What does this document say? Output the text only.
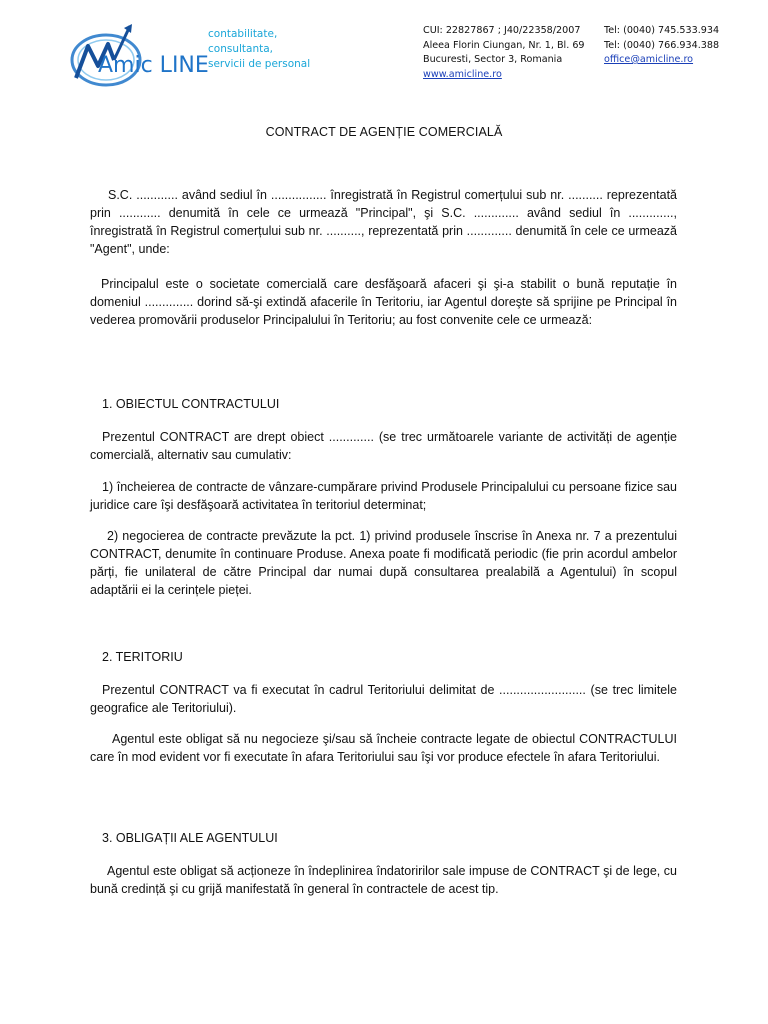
Amic LINE
contabilitate,
consultanta,
servicii de personal
CUI: 22827867 ; J40/22358/2007
Aleea Florin Ciungan, Nr. 1, Bl. 69
Bucuresti, Sector 3, Romania
www.amicline.ro
Tel: (0040) 745.533.934
Tel: (0040) 766.934.388
office@amicline.ro
CONTRACT DE AGENȚIE COMERCIALĂ
S.C. ............ având sediul în ................ înregistrată în Registrul comerțului sub nr. .......... reprezentată prin ............ denumită în cele ce urmează "Principal", şi S.C. ............. având sediul în ............., înregistrată în Registrul comerțului sub nr. .........., reprezentată prin ............. denumită în cele ce urmează "Agent", unde:
Principalul este o societate comercială care desfăşoară afaceri şi şi-a stabilit o bună reputație în domeniul .............. dorind să-şi extindă afacerile în Teritoriu, iar Agentul doreşte să sprijine pe Principal în vederea promovării produselor Principalului în Teritoriu; au fost convenite cele ce urmează:
1. OBIECTUL CONTRACTULUI
Prezentul CONTRACT are drept obiect ............. (se trec următoarele variante de activități de agenție comercială, alternativ sau cumulativ:
1) încheierea de contracte de vânzare-cumpărare privind Produsele Principalului cu persoane fizice sau juridice care îşi desfăşoară activitatea în teritoriul determinat;
2) negocierea de contracte prevăzute la pct. 1) privind produsele înscrise în Anexa nr. 7 a prezentului CONTRACT, denumite în continuare Produse. Anexa poate fi modificată periodic (fie prin acordul ambelor părți, fie unilateral de către Principal dar numai după consultarea prealabilă a Agentului) în scopul adaptării ei la cerințele pieței.
2. TERITORIU
Prezentul CONTRACT va fi executat în cadrul Teritoriului delimitat de ......................... (se trec limitele geografice ale Teritoriului).
Agentul este obligat să nu negocieze şi/sau să încheie contracte legate de obiectul CONTRACTULUI care în mod evident vor fi executate în afara Teritoriului sau îşi vor produce efectele în afara Teritoriului.
3. OBLIGAȚII ALE AGENTULUI
Agentul este obligat să acționeze în îndeplinirea îndatoririlor sale impuse de CONTRACT şi de lege, cu bună credință şi cu grijă manifestată în general în contractele de acest tip.
